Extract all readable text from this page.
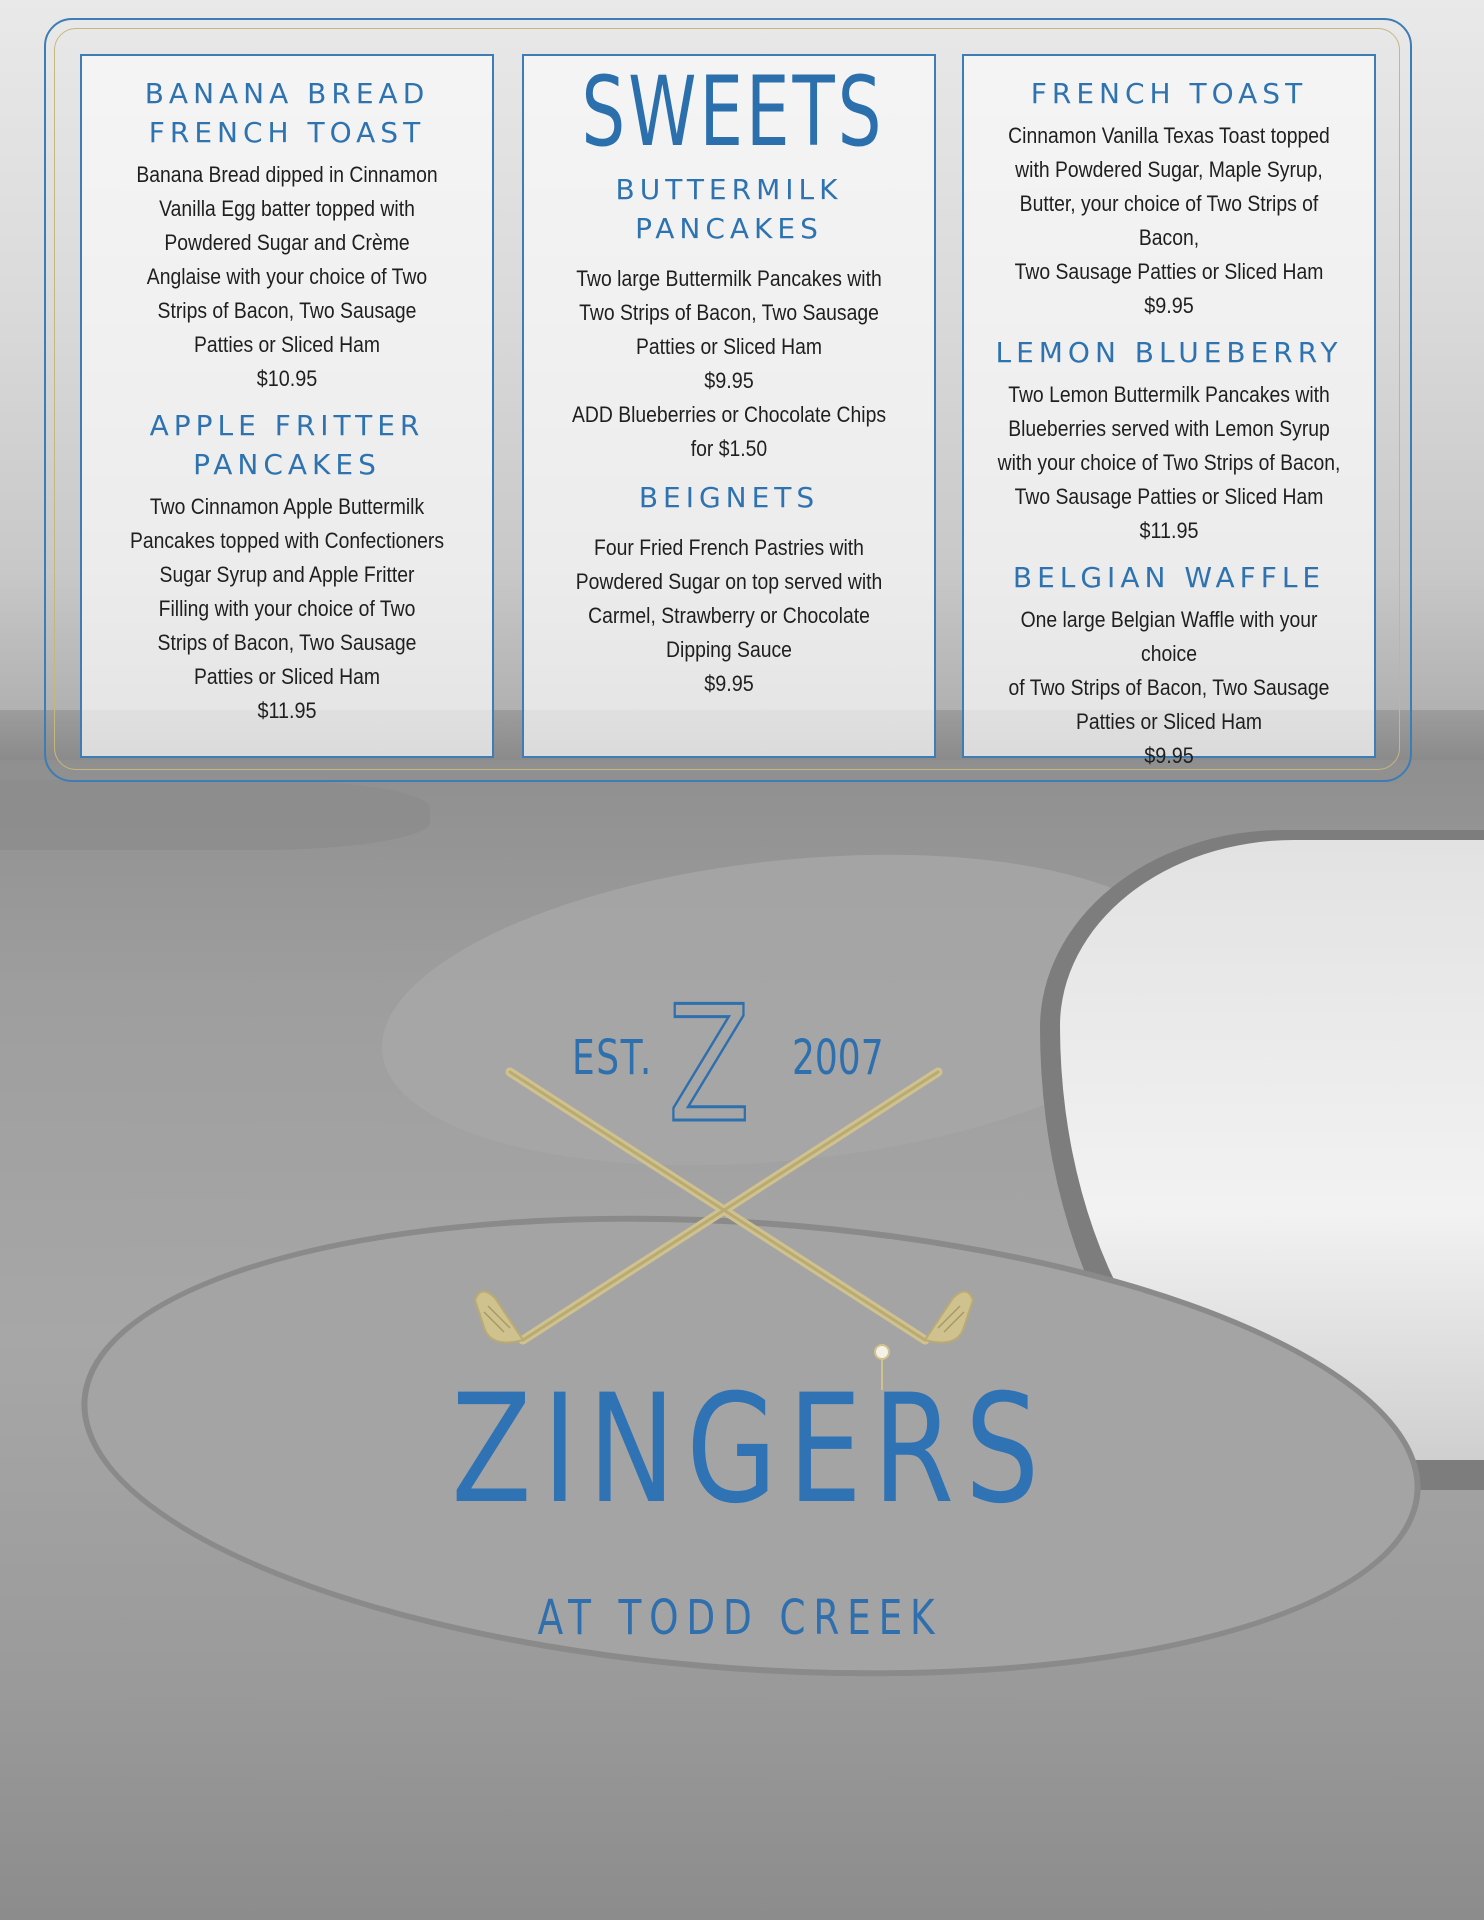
BANANA BREAD
FRENCH TOAST
Banana Bread dipped in Cinnamon
Vanilla Egg batter topped with
Powdered Sugar and Crème
Anglaise with your choice of Two
Strips of Bacon, Two Sausage
Patties or Sliced Ham
$10.95
APPLE FRITTER
PANCAKES
Two Cinnamon Apple Buttermilk
Pancakes topped with Confectioners
Sugar Syrup and Apple Fritter
Filling with your choice of Two
Strips of Bacon, Two Sausage
Patties or Sliced Ham
$11.95
SWEETS
BUTTERMILK
PANCAKES
Two large Buttermilk Pancakes with
Two Strips of Bacon, Two Sausage
Patties or Sliced Ham
$9.95
ADD Blueberries or Chocolate Chips
for $1.50
BEIGNETS
Four Fried French Pastries with
Powdered Sugar on top served with
Carmel, Strawberry or Chocolate
Dipping Sauce
$9.95
FRENCH TOAST
Cinnamon Vanilla Texas Toast topped
with Powdered Sugar, Maple Syrup,
Butter, your choice of Two Strips of Bacon,
Two Sausage Patties or Sliced Ham
$9.95
LEMON BLUEBERRY
Two Lemon Buttermilk Pancakes with
Blueberries served with Lemon Syrup
with your choice of Two Strips of Bacon,
Two Sausage Patties or Sliced Ham
$11.95
BELGIAN WAFFLE
One large Belgian Waffle with your choice
of Two Strips of Bacon, Two Sausage
Patties or Sliced Ham
$9.95
EST. Z 2007
ZINGERS
AT TODD CREEK
